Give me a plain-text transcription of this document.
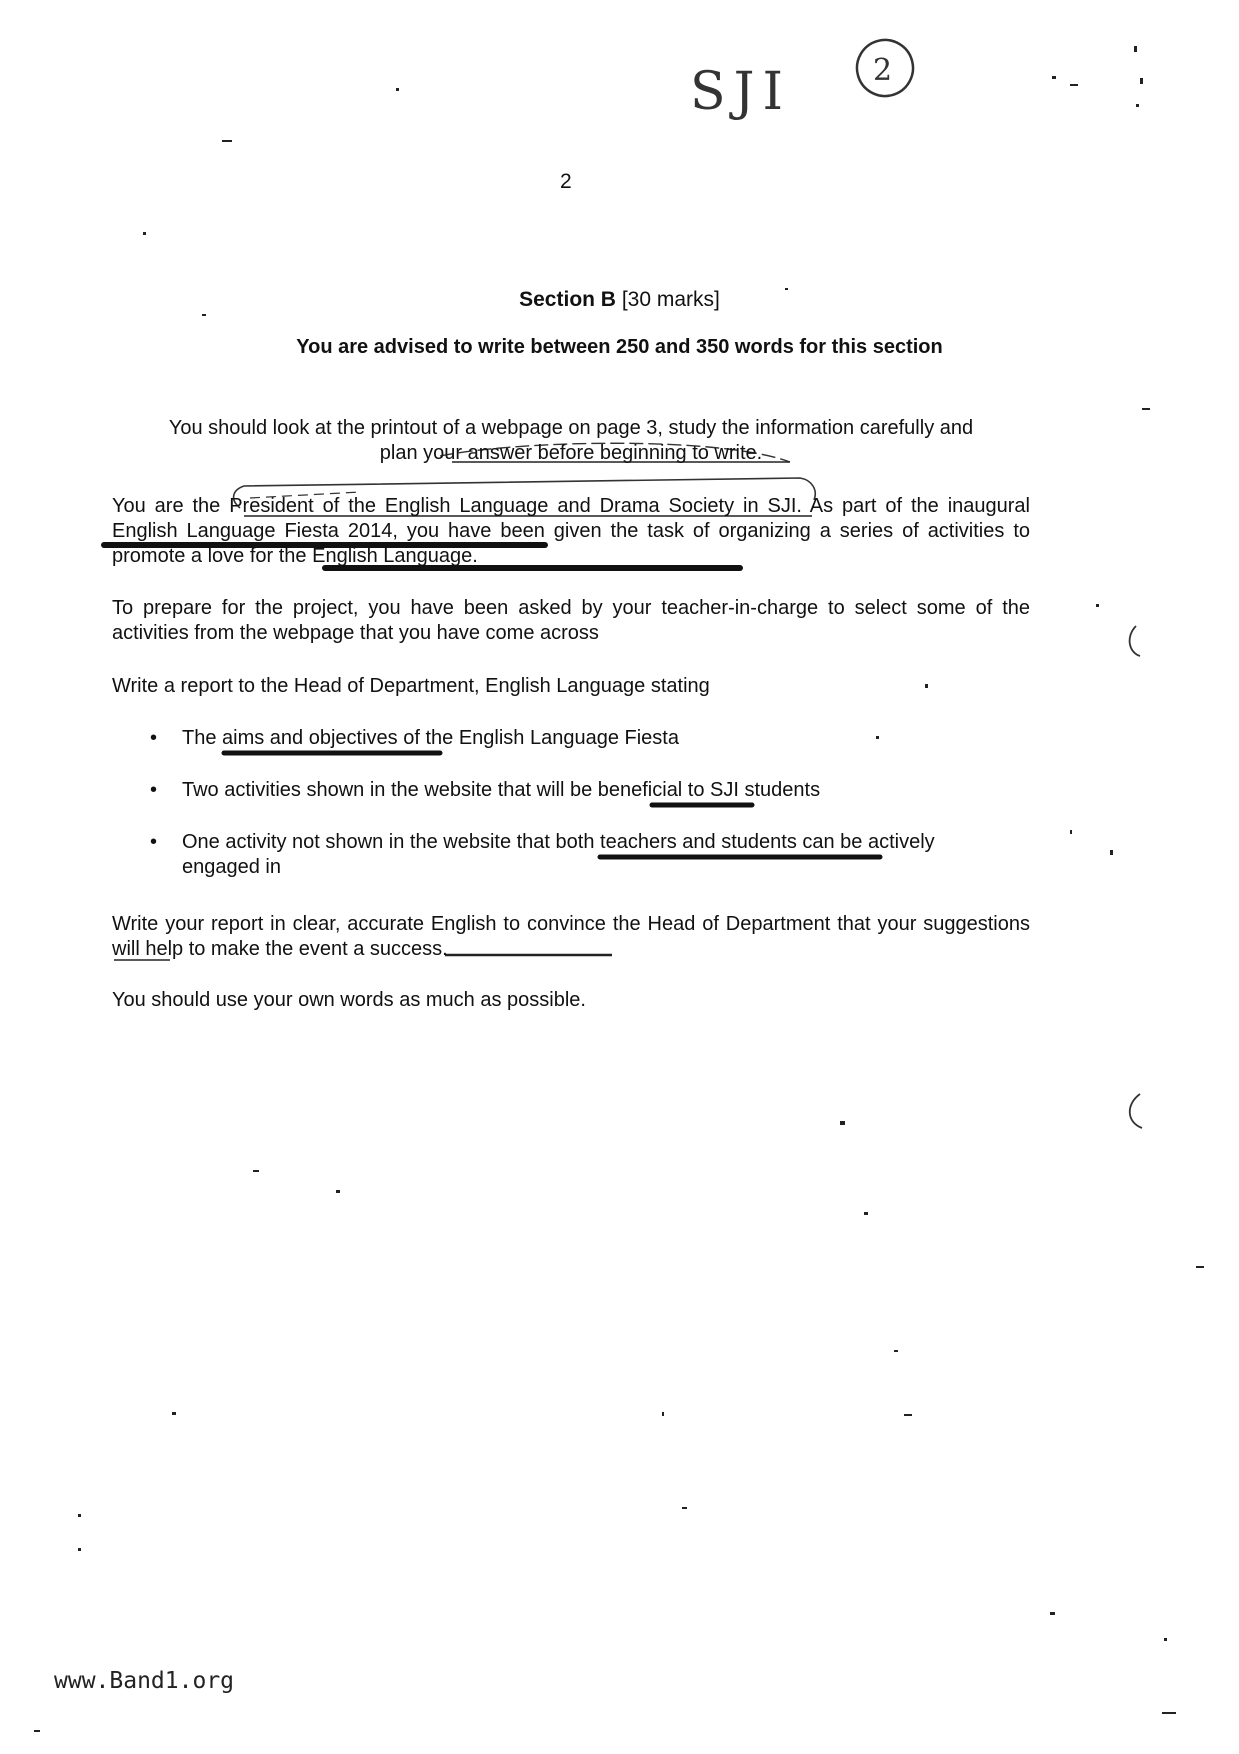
SJI	2
2
Section B [30 marks]
You are advised to write between 250 and 350 words for this section
You should look at the printout of a webpage on page 3, study the information carefully and
plan your answer before beginning to write.
You are the President of the English Language and Drama Society in SJI. As part of the inaugural English Language Fiesta 2014, you have been given the task of organizing a series of activities to promote a love for the English Language.
To prepare for the project, you have been asked by your teacher-in-charge to select some of the activities from the webpage that you have come across
Write a report to the Head of Department, English Language stating
•	The aims and objectives of the English Language Fiesta
•	Two activities shown in the website that will be beneficial to SJI students
•	One activity not shown in the website that both teachers and students can be actively engaged in
Write your report in clear, accurate English to convince the Head of Department that your suggestions will help to make the event a success.
You should use your own words as much as possible.
www.Band1.org
